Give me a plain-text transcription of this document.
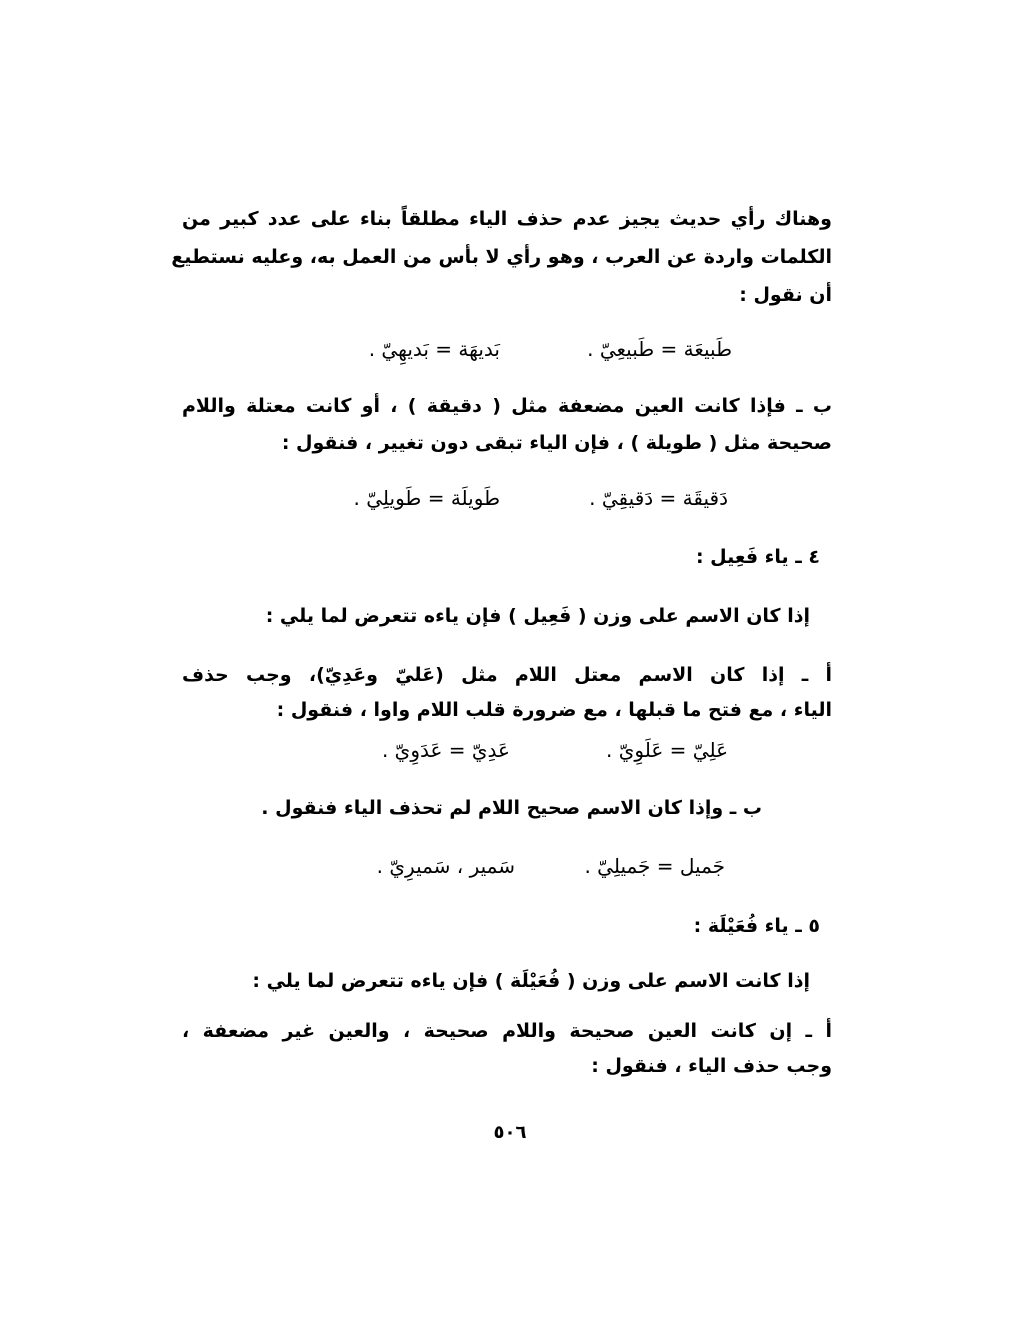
وهناك رأي حديث يجيز عدم حذف الياء مطلقاً بناء على عدد كبير من
الكلمات واردة عن العرب ، وهو رأي لا بأس من العمل به، وعليه نستطيع
أن نقول :
طَبيعَة = طَبيعِيّ .
بَديهَة = بَديهِيّ .
ب ـ فإذا كانت العين مضعفة مثل ( دقيقة ) ، أو كانت معتلة واللام
صحيحة مثل ( طويلة ) ، فإن الياء تبقى دون تغيير ، فنقول :
دَقيقَة = دَقيقِيّ .
طَويلَة = طَويلِيّ .
٤ ـ ياء فَعِيل :
إذا كان الاسم على وزن ( فَعِيل ) فإن ياءه تتعرض لما يلي :
أ ـ إذا كان الاسم معتل اللام مثل (عَليّ وعَدِيّ)، وجب حذف
الياء ، مع فتح ما قبلها ، مع ضرورة قلب اللام واوا ، فنقول :
عَلِيّ = عَلَوِيّ .
عَدِيّ = عَدَوِيّ .
ب ـ وإذا كان الاسم صحيح اللام لم تحذف الياء فنقول .
جَميل = جَميلِيّ .
سَمير ، سَميرِيّ .
٥ ـ ياء فُعَيْلَة :
إذا كانت الاسم على وزن ( فُعَيْلَة ) فإن ياءه تتعرض لما يلي :
أ ـ إن كانت العين صحيحة واللام صحيحة ، والعين غير مضعفة ،
وجب حذف الياء ، فنقول :
٥٠٦
